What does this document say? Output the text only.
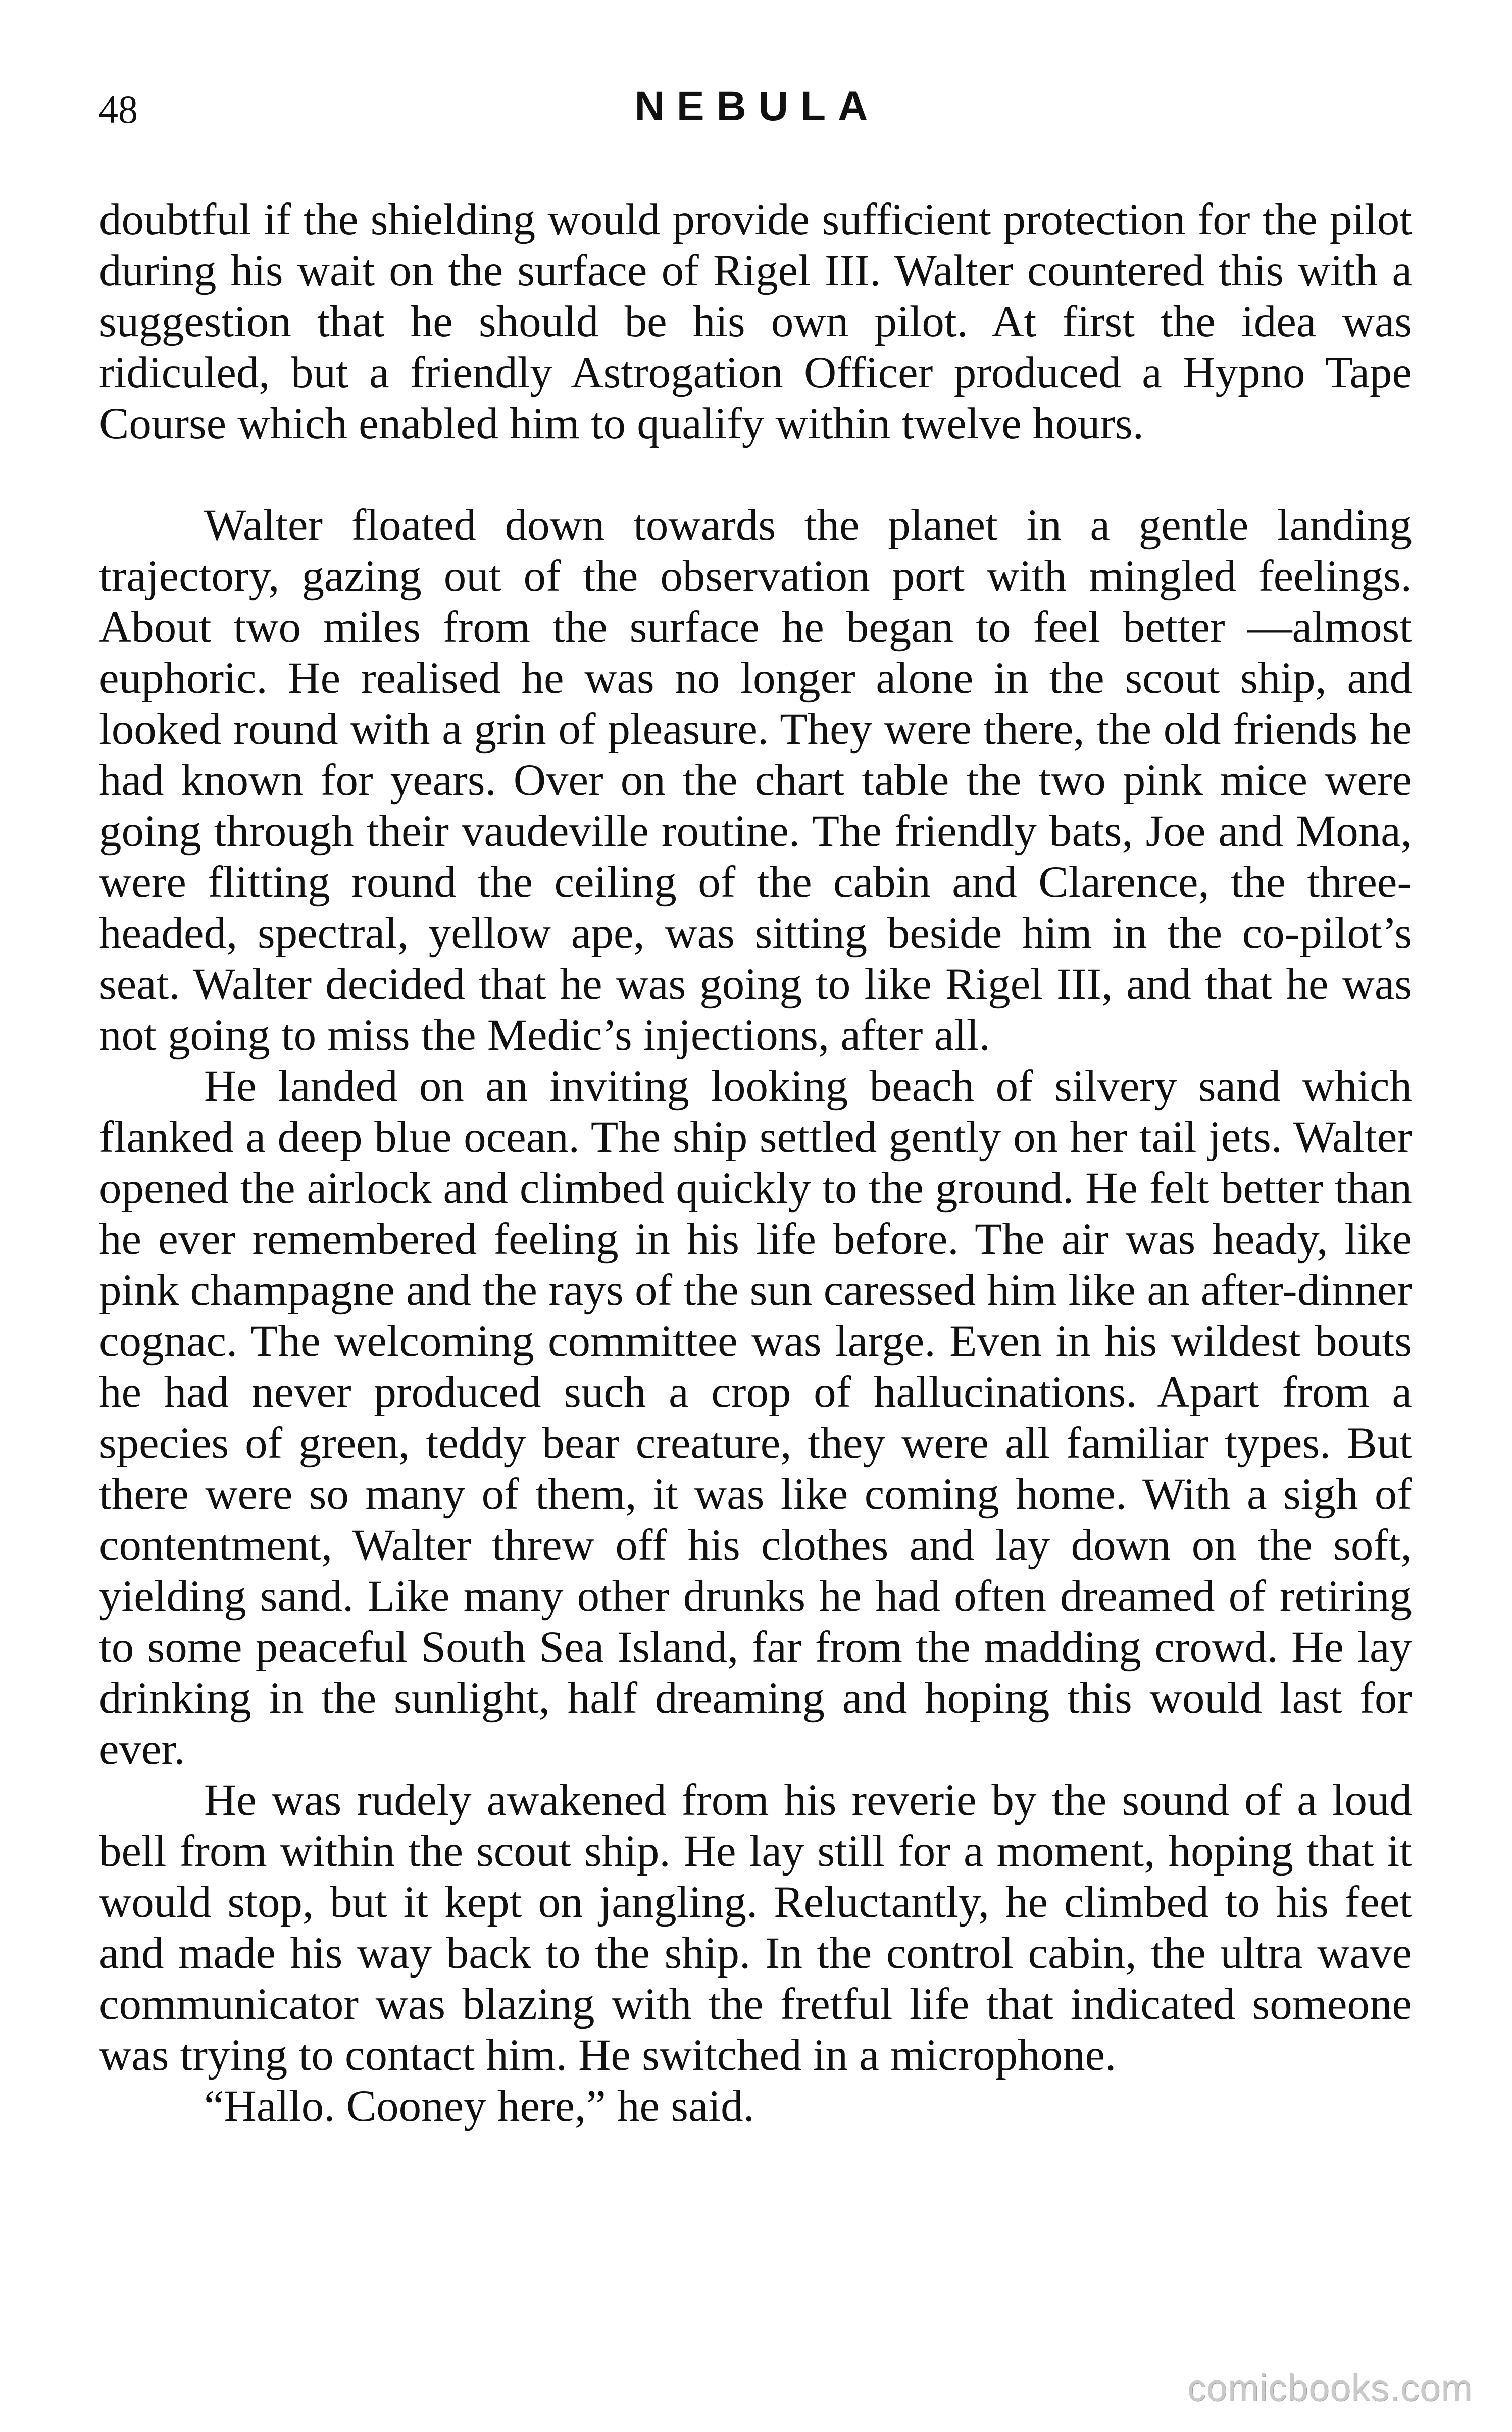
48	NEBULA

doubtful if the shielding would provide sufficient protection for the pilot during his wait on the surface of Rigel III. Walter countered this with a suggestion that he should be his own pilot. At first the idea was ridiculed, but a friendly Astrogation Officer produced a Hypno Tape Course which enabled him to qualify within twelve hours.

Walter floated down towards the planet in a gentle landing trajectory, gazing out of the observation port with mingled feelings. About two miles from the surface he began to feel better —almost euphoric. He realised he was no longer alone in the scout ship, and looked round with a grin of pleasure. They were there, the old friends he had known for years. Over on the chart table the two pink mice were going through their vaudeville routine. The friendly bats, Joe and Mona, were flitting round the ceiling of the cabin and Clarence, the three-headed, spectral, yellow ape, was sitting beside him in the co-pilot’s seat. Walter decided that he was going to like Rigel III, and that he was not going to miss the Medic’s injections, after all.

He landed on an inviting looking beach of silvery sand which flanked a deep blue ocean. The ship settled gently on her tail jets. Walter opened the airlock and climbed quickly to the ground. He felt better than he ever remembered feeling in his life before. The air was heady, like pink champagne and the rays of the sun caressed him like an after-dinner cognac. The welcoming committee was large. Even in his wildest bouts he had never produced such a crop of hallucinations. Apart from a species of green, teddy bear creature, they were all familiar types. But there were so many of them, it was like coming home. With a sigh of contentment, Walter threw off his clothes and lay down on the soft, yielding sand. Like many other drunks he had often dreamed of retiring to some peaceful South Sea Island, far from the madding crowd. He lay drinking in the sunlight, half dreaming and hoping this would last for ever.

He was rudely awakened from his reverie by the sound of a loud bell from within the scout ship. He lay still for a moment, hoping that it would stop, but it kept on jangling. Reluctantly, he climbed to his feet and made his way back to the ship. In the control cabin, the ultra wave communicator was blazing with the fretful life that indicated someone was trying to contact him. He switched in a microphone.

“Hallo. Cooney here,” he said.

comicbooks.com
